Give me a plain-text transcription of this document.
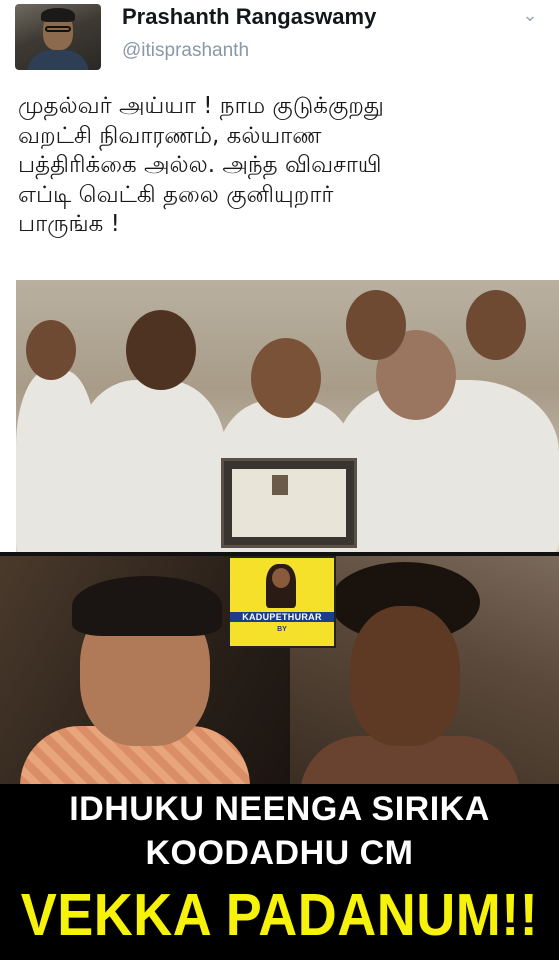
Prashanth Rangaswamy
@itisprashanth
⌄
முதல்வர் அய்யா ! நாம குடுக்குறது
வறட்சி நிவாரணம், கல்யாண
பத்திரிக்கை அல்ல. அந்த விவசாயி
எப்டி வெட்கி தலை குனியுறார்
பாருங்க !
KADUPETHURAR
BY
IDHUKU NEENGA SIRIKA
KOODADHU CM
VEKKA PADANUM!!
